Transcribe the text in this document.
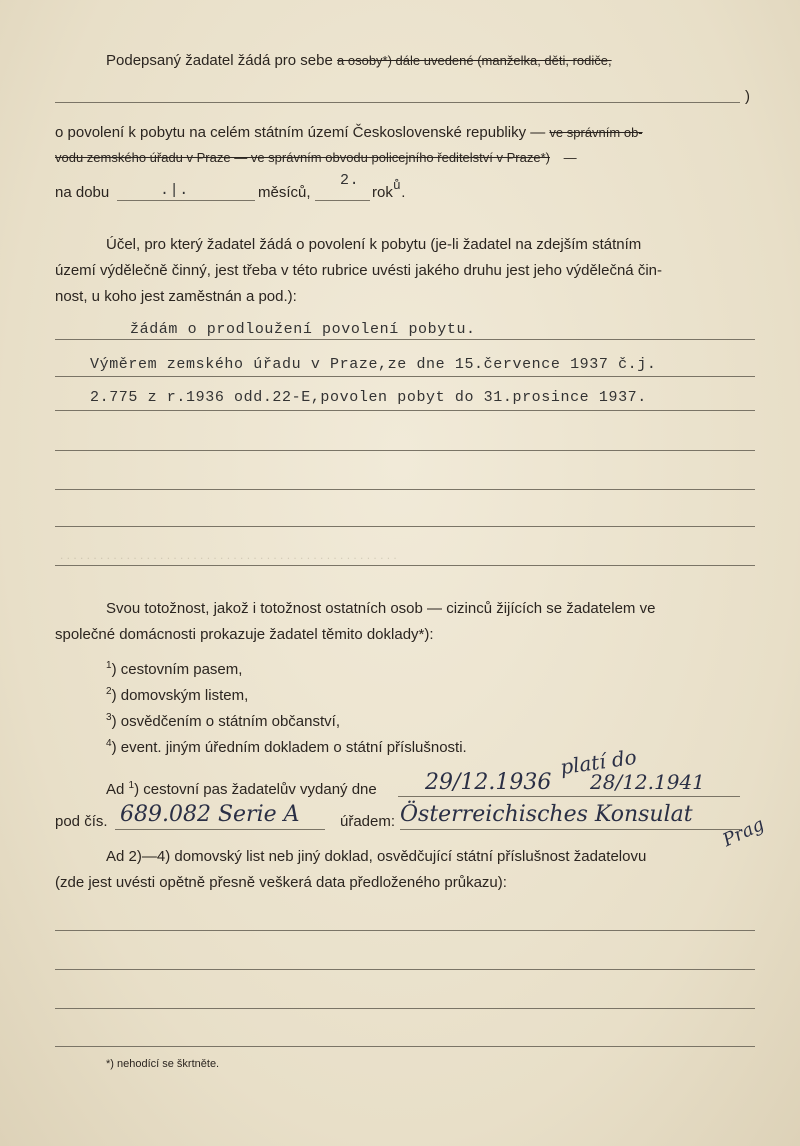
. . . . . . . . . . . . . . . . . . . . . . . . . . . . . . . . . . . . . . . . . . . . . . . . . . .
Podepsaný žadatel žádá pro sebe a osoby*) dále uvedené (manželka, děti, rodiče,
)
o povolení k pobytu na celém státním území Československé republiky — ve správním ob-
vodu zemského úřadu v Praze — ve správním obvodu policejního ředitelství v Praze*) —
na dobu	.|.	měsíců,
2.
roků.
Účel, pro který žadatel žádá o povolení k pobytu (je-li žadatel na zdejším státním
území výdělečně činný, jest třeba v této rubrice uvésti jakého druhu jest jeho výdělečná čin-
nost, u koho jest zaměstnán a pod.):
žádám o prodloužení povolení pobytu.
Výměrem zemského úřadu v Praze,ze dne 15.července 1937 č.j.
2.775 z r.1936 odd.22-E,povolen pobyt do 31.prosince 1937.
Svou totožnost, jakož i totožnost ostatních osob — cizinců žijících se žadatelem ve
společné domácnosti prokazuje žadatel těmito doklady*):
$^1$) cestovním pasem,
$^2$) domovským listem,
$^3$) osvědčením o státním občanství,
$^4$) event. jiným úředním dokladem o státní příslušnosti.
Ad $^1$) cestovní pas žadatelův vydaný dne 29/12.1936
platí do
28/12.1941
pod čís. 689.082 Serie A	úřadem: Österreichisches Konsulat Prag
Ad 2)—4) domovský list neb jiný doklad, osvědčující státní příslušnost žadatelovu
(zde jest uvésti opětně přesně veškerá data předloženého průkazu):
*) nehodící se škrtněte.
